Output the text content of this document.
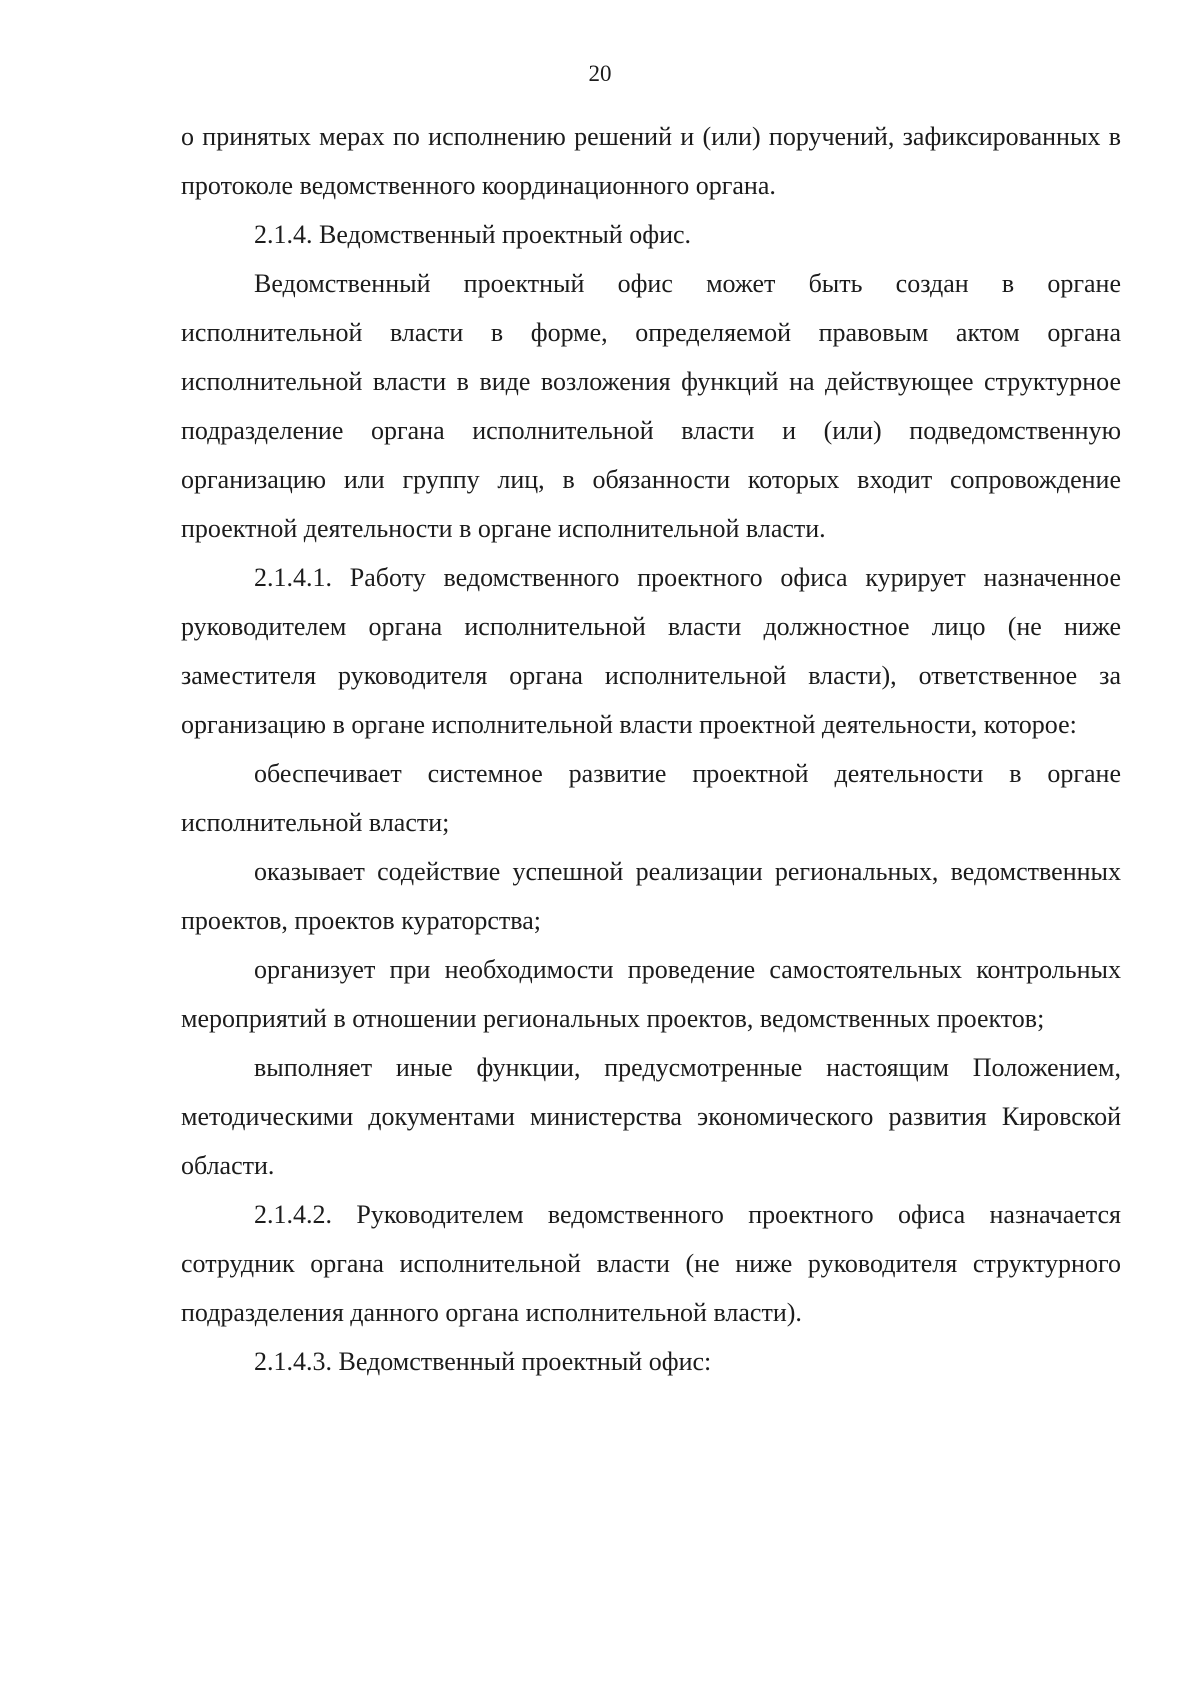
20

о принятых мерах по исполнению решений и (или) поручений, зафиксированных в протоколе ведомственного координационного органа.

2.1.4. Ведомственный проектный офис.

Ведомственный проектный офис может быть создан в органе исполнительной власти в форме, определяемой правовым актом органа исполнительной власти в виде возложения функций на действующее структурное подразделение органа исполнительной власти и (или) подведомственную организацию или группу лиц, в обязанности которых входит сопровождение проектной деятельности в органе исполнительной власти.

2.1.4.1. Работу ведомственного проектного офиса курирует назначенное руководителем органа исполнительной власти должностное лицо (не ниже заместителя руководителя органа исполнительной власти), ответственное за организацию в органе исполнительной власти проектной деятельности, которое:

обеспечивает системное развитие проектной деятельности в органе исполнительной власти;

оказывает содействие успешной реализации региональных, ведомственных проектов, проектов кураторства;

организует при необходимости проведение самостоятельных контрольных мероприятий в отношении региональных проектов, ведомственных проектов;

выполняет иные функции, предусмотренные настоящим Положением, методическими документами министерства экономического развития Кировской области.

2.1.4.2. Руководителем ведомственного проектного офиса назначается сотрудник органа исполнительной власти (не ниже руководителя структурного подразделения данного органа исполнительной власти).

2.1.4.3. Ведомственный проектный офис:
